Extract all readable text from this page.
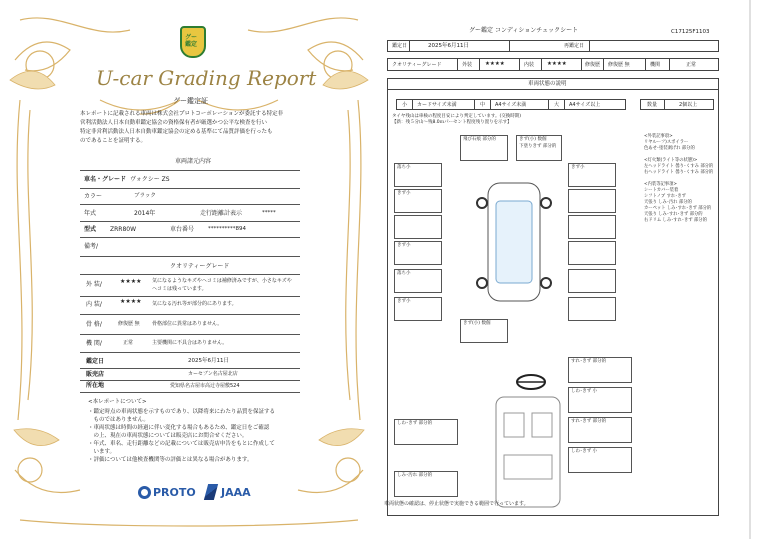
グー
鑑定
U-car Grading Report
グー鑑定証
本レポートに記載される車両は株式会社プロトコーポレーションが委託する特定非
営利活動法人日本自動車鑑定協会の資格保有者が厳選かつ公平な検査を行い
特定非営利活動法人日本自動車鑑定協会の定める基準にて品質評価を行ったも
のであることを証明する。
車両諸元内容
車名・グレード ヴォクシー ZS
カラー	ブラック
年式	2014年	走行距離計表示	*****
型式 ZRR80W	車台番号	**********894
備考/
クオリティーグレード
外 装/	★★★★ 気になるようなキズやヘコミは補修済みですが、小さなキズや
ヘコミは残っています。
内 装/	★★★★ 気になる汚れ等が部分的にあります。
骨 格/	修復歴 無 骨格部位に異常はありません。
機 関/	正常	主要機関に不具合はありません。
鑑定日	2025年6月11日
販売店	カーセブン名古屋北店
所在地	愛知県名古屋市高辻寺屋敷524
<本レポートについて>
・鑑定時点の車両状態を示すものであり、以降将来にわたり品質を保証する
　ものではありません。
・車両状態は時間の経過に伴い変化する場合もあるため、鑑定日をご確認
　の上、現在の車両状態については販売店にお問合せください。
・年式、車名、走行距離などの記載については販売店申告をもとに作成して
　います。
・評価については他検査機関等の評価とは異なる場合があります。
PROTO JAAA
グー鑑定 コンディションチェックシート	C17125F1103
鑑定日	2025年6月11日	再鑑定日
クオリティーグレード	外装 ★★★★	内装 ★★★★	修復歴 修復歴 無	機関	正常
車両状態の説明
小 カードサイズ未満	中 A4サイズ未満	大 A4サイズ以上	数量	2個以上
タイヤ残山は車検の程度目安により判定しています。(交換時期)
【新：残５分山〜残8.0ｍパーセント程度残り置りを示す】
飛び石痕 部分的	きず(小) 数個
下塗りきず 部分的
落ち小
きず小
きず小
きず小
落ち小
きず小
きず(小) 数個
すれ･きず 部分的
しわ･きず 小
すれ･きず 部分的
しわ･きず 部分的
しわ･きず 小
しみ･汚れ 部分的
<外装記事項>
リヤルーフ)スポイラー
色あせ･塗装剥げれ 部分的
<灯火類(ライト等の状態)>
左ヘッドライト 曇り･くすみ 部分的
右ヘッドライト 曇り･くすみ 部分的
<内装等記事項>
シートカバー装着
シフトノブ すれ･きず
天張り しみ･汚れ 部分的
カーペット しみ･すれ･きず 部分的
天張り しみ･すれ･きず 部分的
右ドリム しみ･すれ･きず 部分的
車両状態の確認は、停止状態で実施できる範囲で行っています。
